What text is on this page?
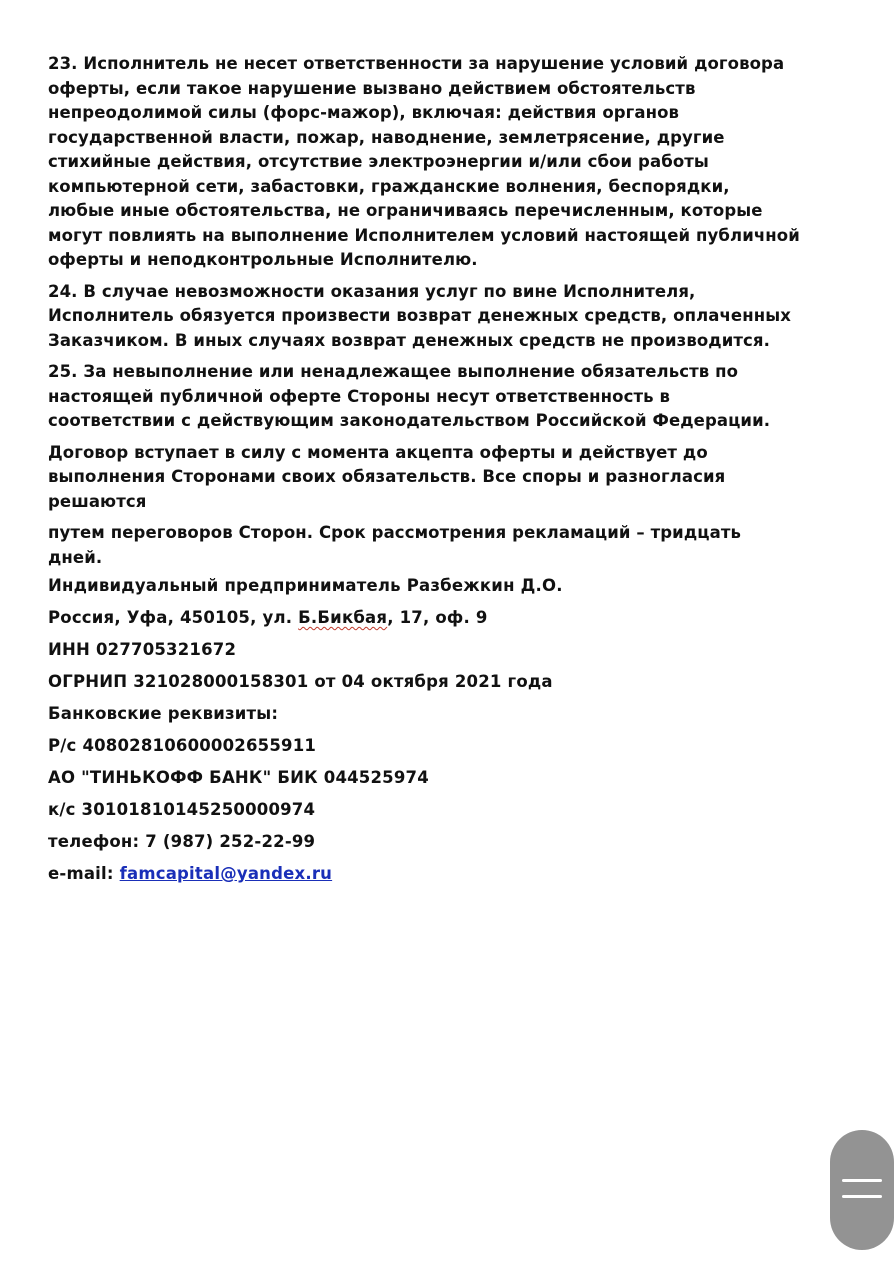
23. Исполнитель не несет ответственности за нарушение условий договора
оферты, если такое нарушение вызвано действием обстоятельств
непреодолимой силы (форс-мажор), включая: действия органов
государственной власти, пожар, наводнение, землетрясение, другие
стихийные действия, отсутствие электроэнергии и/или сбои работы
компьютерной сети, забастовки, гражданские волнения, беспорядки,
любые иные обстоятельства, не ограничиваясь перечисленным, которые
могут повлиять на выполнение Исполнителем условий настоящей публичной
оферты и неподконтрольные Исполнителю.

24. В случае невозможности оказания услуг по вине Исполнителя,
Исполнитель обязуется произвести возврат денежных средств, оплаченных
Заказчиком. В иных случаях возврат денежных средств не производится.

25. За невыполнение или ненадлежащее выполнение обязательств по
настоящей публичной оферте Стороны несут ответственность в
соответствии с действующим законодательством Российской Федерации.

Договор вступает в силу с момента акцепта оферты и действует до
выполнения Сторонами своих обязательств. Все споры и разногласия
решаются

путем переговоров Сторон. Срок рассмотрения рекламаций – тридцать
дней.

Индивидуальный предприниматель Разбежкин Д.О.
Россия, Уфа, 450105, ул. Б.Бикбая, 17, оф. 9
ИНН 027705321672
ОГРНИП 321028000158301 от 04 октября 2021 года
Банковские реквизиты:
Р/с 40802810600002655911
АО "ТИНЬКОФФ БАНК" БИК 044525974
к/с 30101810145250000974
телефон: 7 (987) 252-22-99
e-mail: famcapital@yandex.ru
